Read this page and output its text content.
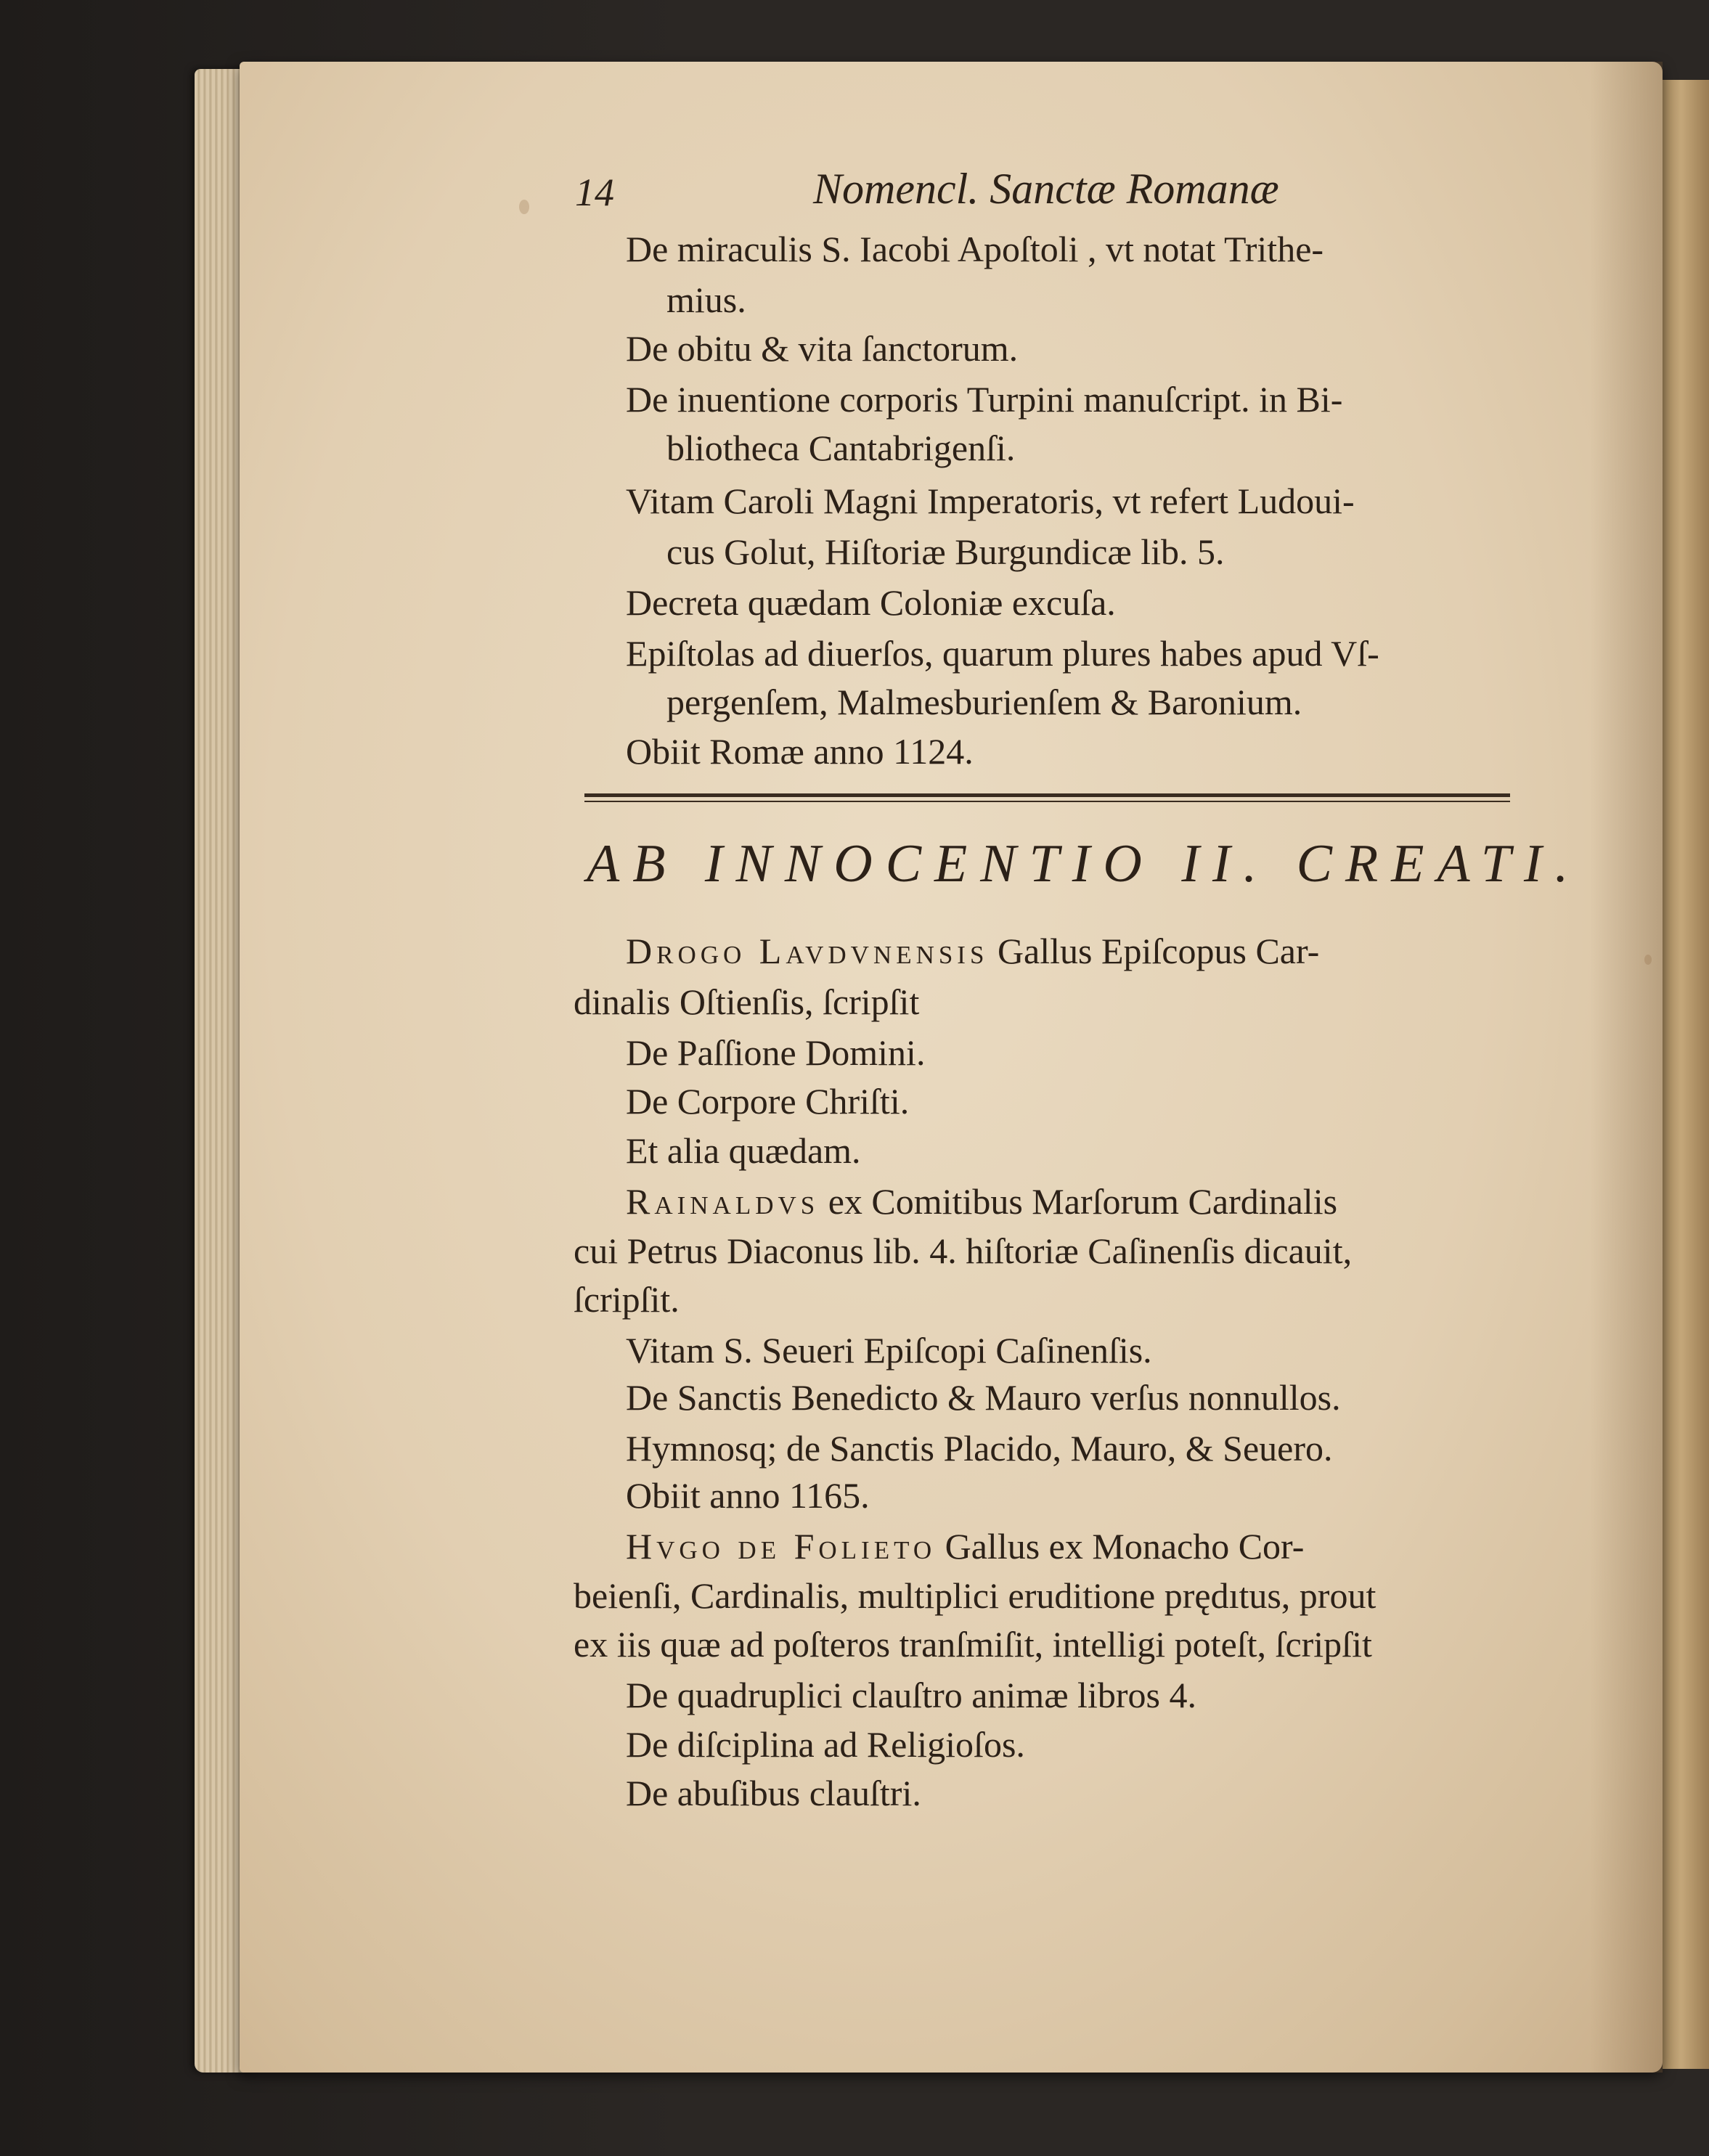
14	Nomencl. Sanctæ Romanæ
De miraculis S. Iacobi Apoſtoli , vt notat Trithe-
mius.
De obitu & vita ſanctorum.
De inuentione corporis Turpini manuſcript. in Bi-
bliotheca Cantabrigenſi.
Vitam Caroli Magni Imperatoris, vt refert Ludoui-
cus Golut, Hiſtoriæ Burgundicæ lib. 5.
Decreta quædam Coloniæ excuſa.
Epiſtolas ad diuerſos, quarum plures habes apud Vſ-
pergenſem, Malmesburienſem & Baronium.
Obiit Romæ anno 1124.
AB INNOCENTIO II. CREATI.
Drogo Lavdvnensis Gallus Epiſcopus Car-
dinalis Oſtienſis, ſcripſit
De Paſſione Domini.
De Corpore Chriſti.
Et alia quædam.
Rainaldvs ex Comitibus Marſorum Cardinalis
cui Petrus Diaconus lib. 4. hiſtoriæ Caſinenſis dicauit,
ſcripſit.
Vitam S. Seueri Epiſcopi Caſinenſis.
De Sanctis Benedicto & Mauro verſus nonnullos.
Hymnosq; de Sanctis Placido, Mauro, & Seuero.
Obiit anno 1165.
Hvgo de Folieto Gallus ex Monacho Cor-
beienſi, Cardinalis, multiplici eruditione prędıtus, prout
ex iis quæ ad poſteros tranſmiſit, intelligi poteſt, ſcripſit
De quadruplici clauſtro animæ libros 4.
De diſciplina ad Religioſos.
De abuſibus clauſtri.
